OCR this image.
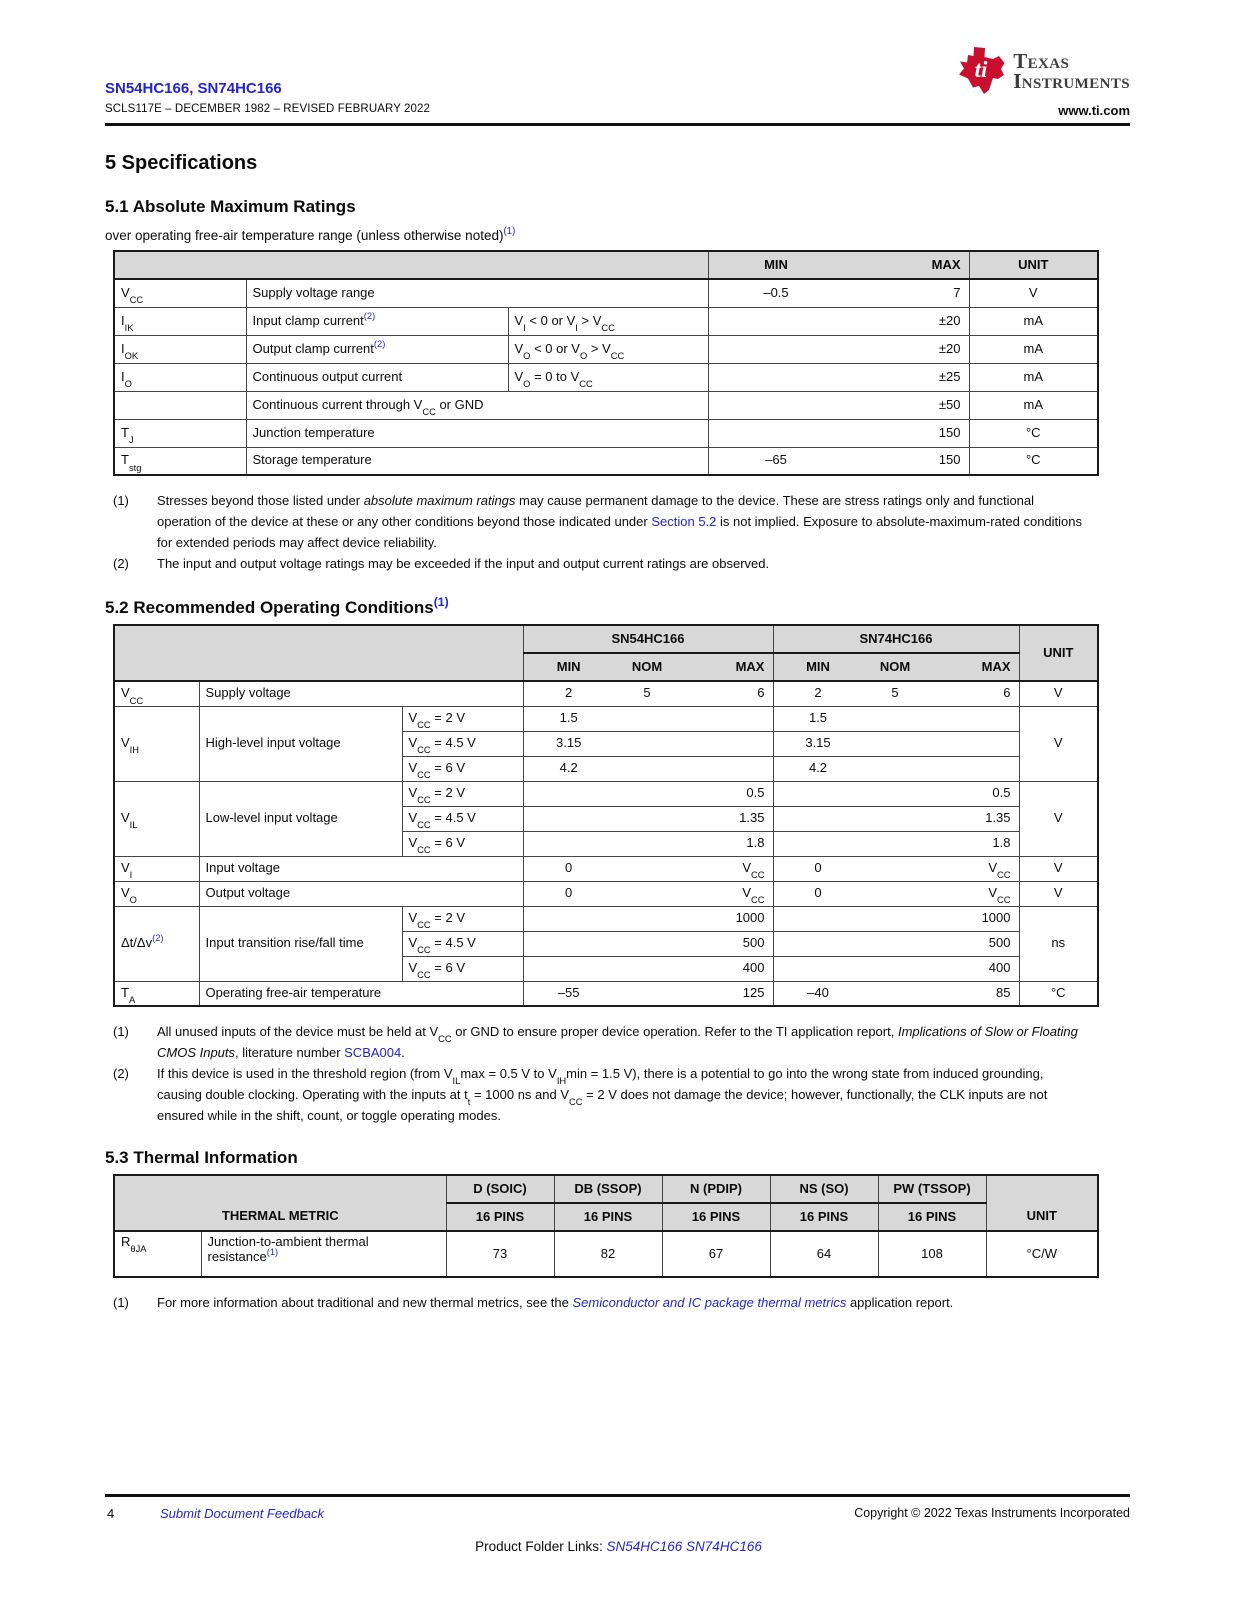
SN54HC166, SN74HC166
SCLS117E – DECEMBER 1982 – REVISED FEBRUARY 2022
ti Texas
Instruments
www.ti.com
5 Specifications
5.1 Absolute Maximum Ratings
over operating free-air temperature range (unless otherwise noted)$^{(1)}$

			MIN MAX	UNIT
$V_{CC}$	Supply voltage range		–0.5 7	V
$I_{IK}$	Input clamp current$^{(2)}$	$V_I < 0$ or $V_I > V_{CC}$	±20	mA
$I_{OK}$	Output clamp current$^{(2)}$	$V_O < 0$ or $V_O > V_{CC}$	±20	mA
$I_O$	Continuous output current	$V_O = 0$ to $V_{CC}$	±25	mA
	Continuous current through $V_{CC}$ or GND		±50	mA
$T_J$	Junction temperature		150	°C
$T_{stg}$	Storage temperature		–65 150	°C
(1)	Stresses beyond those listed under absolute maximum ratings may cause permanent damage to the device. These are stress ratings only and functional operation of the device at these or any other conditions beyond those indicated under Section 5.2 is not implied. Exposure to absolute-maximum-rated conditions for extended periods may affect device reliability.
(2)	The input and output voltage ratings may be exceeded if the input and output current ratings are observed.
5.2 Recommended Operating Conditions$^{(1)}$
			SN54HC166	SN74HC166	UNIT

			MIN NOM MAX	MIN NOM MAX	

$V_{CC}$	Supply voltage		2 5 6	2 5 6	V
$V_{IH}$	High-level input voltage	$V_{CC} = 2$ V	1.5	1.5	V
		$V_{CC} = 4.5$ V	3.15	3.15	

		$V_{CC} = 6$ V	4.2	4.2	

$V_{IL}$	Low-level input voltage	$V_{CC} = 2$ V	0.5	0.5	V
		$V_{CC} = 4.5$ V	1.35	1.35	

		$V_{CC} = 6$ V	1.8	1.8	

$V_I$	Input voltage		0 $V_{CC}$	0 $V_{CC}$	V
$V_O$	Output voltage		0 $V_{CC}$	0 $V_{CC}$	V
Δt/Δv$^{(2)}$	Input transition rise/fall time	$V_{CC} = 2$ V	1000	1000	ns
		$V_{CC} = 4.5$ V	500	500	

		$V_{CC} = 6$ V	400	400	

$T_A$	Operating free-air temperature		–55 125	–40 85	°C
(1)	All unused inputs of the device must be held at $V_{CC}$ or GND to ensure proper device operation. Refer to the TI application report, Implications of Slow or Floating CMOS Inputs, literature number SCBA004.
(2)	If this device is used in the threshold region (from $V_{IL}\max = 0.5$ V to $V_{IH}\min = 1.5$ V), there is a potential to go into the wrong state from induced grounding, causing double clocking. Operating with the inputs at $t_t = 1000$ ns and $V_{CC} = 2$ V does not damage the device; however, functionally, the CLK inputs are not ensured while in the shift, count, or toggle operating modes.
5.3 Thermal Information
THERMAL METRIC		D (SOIC)	DB (SSOP)	N (PDIP)	NS (SO)	PW (TSSOP)	UNIT
		16 PINS	16 PINS	16 PINS	16 PINS	16 PINS	
$R_{\theta JA}$	Junction-to-ambient thermal resistance$^{(1)}$	73	82	67	64	108	°C/W
(1)	For more information about traditional and new thermal metrics, see the Semiconductor and IC package thermal metrics application report.
4	Submit Document Feedback	Copyright © 2022 Texas Instruments Incorporated
Product Folder Links: SN54HC166 SN74HC166
